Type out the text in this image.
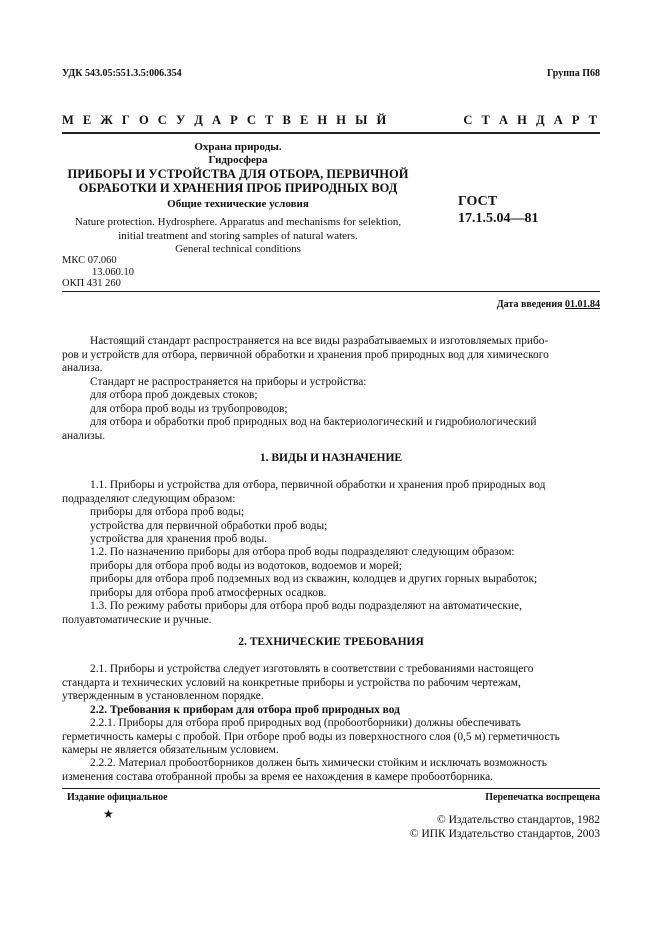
УДК 543.05:551.3.5:006.354	Группа П68
М Е Ж Г О С У Д А Р С Т В Е Н Н Ы Й	С Т А Н Д А Р Т
Охрана природы.
Гидросфера
ПРИБОРЫ И УСТРОЙСТВА ДЛЯ ОТБОРА, ПЕРВИЧНОЙ
ОБРАБОТКИ И ХРАНЕНИЯ ПРОБ ПРИРОДНЫХ ВОД
Общие технические условия
Nature protection. Hydrosphere. Apparatus and mechanisms for selektion,
initial treatment and storing samples of natural waters.
General technical conditions
ГОСТ
17.1.5.04—81
МКС 07.060
13.060.10
ОКП 431 260
Дата введения 01.01.84
Настоящий стандарт распространяется на все виды разрабатываемых и изготовляемых прибо-
ров и устройств для отбора, первичной обработки и хранения проб природных вод для химического
анализа.
Стандарт не распространяется на приборы и устройства:
для отбора проб дождевых стоков;
для отбора проб воды из трубопроводов;
для отбора и обработки проб природных вод на бактериологический и гидробиологический
анализы.
1. ВИДЫ И НАЗНАЧЕНИЕ
1.1. Приборы и устройства для отбора, первичной обработки и хранения проб природных вод
подразделяют следующим образом:
приборы для отбора проб воды;
устройства для первичной обработки проб воды;
устройства для хранения проб воды.
1.2. По назначению приборы для отбора проб воды подразделяют следующим образом:
приборы для отбора проб воды из водотоков, водоемов и морей;
приборы для отбора проб подземных вод из скважин, колодцев и других горных выработок;
приборы для отбора проб атмосферных осадков.
1.3. По режиму работы приборы для отбора проб воды подразделяют на автоматические,
полуавтоматические и ручные.
2. ТЕХНИЧЕСКИЕ ТРЕБОВАНИЯ
2.1. Приборы и устройства следует изготовлять в соответствии с требованиями настоящего
стандарта и технических условий на конкретные приборы и устройства по рабочим чертежам,
утвержденным в установленном порядке.
2.2. Требования к приборам для отбора проб природных вод
2.2.1. Приборы для отбора проб природных вод (пробоотборники) должны обеспечивать
герметичность камеры с пробой. При отборе проб воды из поверхностного слоя (0,5 м) герметичность
камеры не является обязательным условием.
2.2.2. Материал пробоотборников должен быть химически стойким и исключать возможность
изменения состава отобранной пробы за время ее нахождения в камере пробоотборника.
Издание официальное	Перепечатка воспрещена
★	© Издательство стандартов, 1982
© ИПК Издательство стандартов, 2003
